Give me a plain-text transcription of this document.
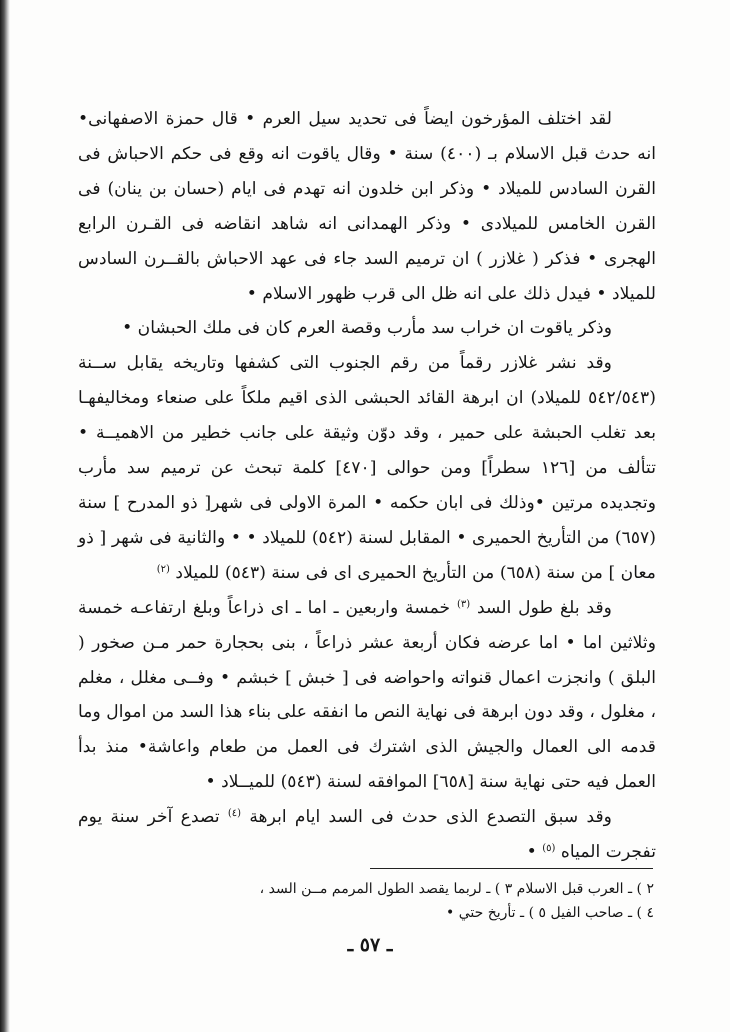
لقد اختلف المؤرخون ايضاً فى تحديد سيل العرم • قال حمزة الاصفهانى• انه حدث قبل الاسلام بـ (٤٠٠) سنة • وقال ياقوت انه وقع فى حكم الاحباش فى القرن السادس للميلاد • وذكر ابن خلدون انه تهدم فى ايام (حسان بن ينان) فى القرن الخامس للميلادى • وذكر الهمدانى انه شاهد انقاضه فى القـرن الرابع الهجرى • فذكر ( غلازر ) ان ترميم السد جاء فى عهد الاحباش بالقــرن السادس للميلاد • فيدل ذلك على انه ظل الى قرب ظهور الاسلام •

وذكر ياقوت ان خراب سد مأرب وقصة العرم كان فى ملك الحبشان •

وقد نشر غلازر رقماً من رقم الجنوب التى كشفها وتاريخه يقابل ســنة (٥٤٢/٥٤٣ للميلاد) ان ابرهة القائد الحبشى الذى اقيم ملكاً على صنعاء ومخاليفهـا بعد تغلب الحبشة على حمير ، وقد دوّن وثيقة على جانب خطير من الاهميــة • تتألف من [١٢٦ سطراً] ومن حوالى [٤٧٠] كلمة تبحث عن ترميم سد مأرب وتجديده مرتين •وذلك فى ابان حكمه • المرة الاولى فى شهر[ ذو المدرح ] سنة (٦٥٧) من التأريخ الحميرى • المقابل لسنة (٥٤٢) للميلاد • • والثانية فى شهر [ ذو معان ] من سنة (٦٥٨) من التأريخ الحميرى اى فى سنة (٥٤٣) للميلاد $^{(٢)}$

وقد بلغ طول السد $^{(٣)}$ خمسة واربعين ـ اما ـ اى ذراعاً وبلغ ارتفاعـه خمسة وثلاثين اما • اما عرضه فكان أربعة عشر ذراعاً ، بنى بحجارة حمر مـن صخور ( البلق ) وانجزت اعمال قنواته واحواضه فى [ خبش ] خبشم • وفــى مغلل ، مغلم ، مغلول ، وقد دون ابرهة فى نهاية النص ما انفقه على بناء هذا السد من اموال وما قدمه الى العمال والجيش الذى اشترك فى العمل من طعام واعاشة• منذ بدأ العمل فيه حتى نهاية سنة [٦٥٨] الموافقه لسنة (٥٤٣) للميــلاد •

وقد سبق التصدع الذى حدث فى السد ايام ابرهة $^{(٤)}$ تصدع آخر سنة يوم تفجرت المياه $^{(٥)}$ •

٢ ) ـ العرب قبل الاسلام ٣ ) ـ لربما يقصد الطول المرمم مــن السد ،
٤ ) ـ صاحب الفيل ٥ ) ـ تأريخ حتي •
ـ ٥٧ ـ
